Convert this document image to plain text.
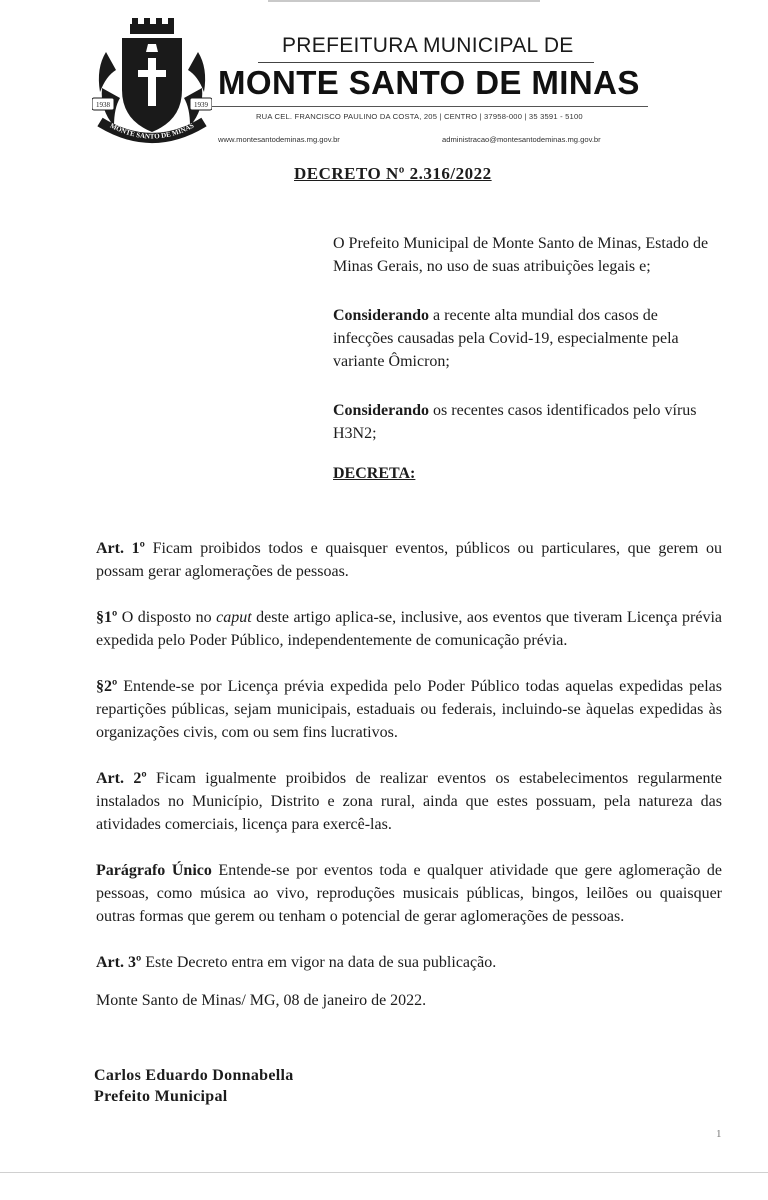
MONTE SANTO DE MINAS
1938	1939
PREFEITURA MUNICIPAL DE
MONTE SANTO DE MINAS
RUA CEL. FRANCISCO PAULINO DA COSTA, 205 | CENTRO | 37958-000 | 35 3591 - 5100
www.montesantodeminas.mg.gov.br	administracao@montesantodeminas.mg.gov.br
DECRETO Nº 2.316/2022

O Prefeito Municipal de Monte Santo de Minas, Estado de Minas Gerais, no uso de suas atribuições legais e;

Considerando a recente alta mundial dos casos de infecções causadas pela Covid-19, especialmente pela variante Ômicron;

Considerando os recentes casos identificados pelo vírus H3N2;

DECRETA:

Art. 1º Ficam proibidos todos e quaisquer eventos, públicos ou particulares, que gerem ou possam gerar aglomerações de pessoas.

§1º O disposto no caput deste artigo aplica-se, inclusive, aos eventos que tiveram Licença prévia expedida pelo Poder Público, independentemente de comunicação prévia.

§2º Entende-se por Licença prévia expedida pelo Poder Público todas aquelas expedidas pelas repartições públicas, sejam municipais, estaduais ou federais, incluindo-se àquelas expedidas às organizações civis, com ou sem fins lucrativos.

Art. 2º Ficam igualmente proibidos de realizar eventos os estabelecimentos regularmente instalados no Município, Distrito e zona rural, ainda que estes possuam, pela natureza das atividades comerciais, licença para exercê-las.

Parágrafo Único Entende-se por eventos toda e qualquer atividade que gere aglomeração de pessoas, como música ao vivo, reproduções musicais públicas, bingos, leilões ou quaisquer outras formas que gerem ou tenham o potencial de gerar aglomerações de pessoas.

Art. 3º Este Decreto entra em vigor na data de sua publicação.

Monte Santo de Minas/ MG, 08 de janeiro de 2022.
Carlos Eduardo Donnabella
Prefeito Municipal
1
